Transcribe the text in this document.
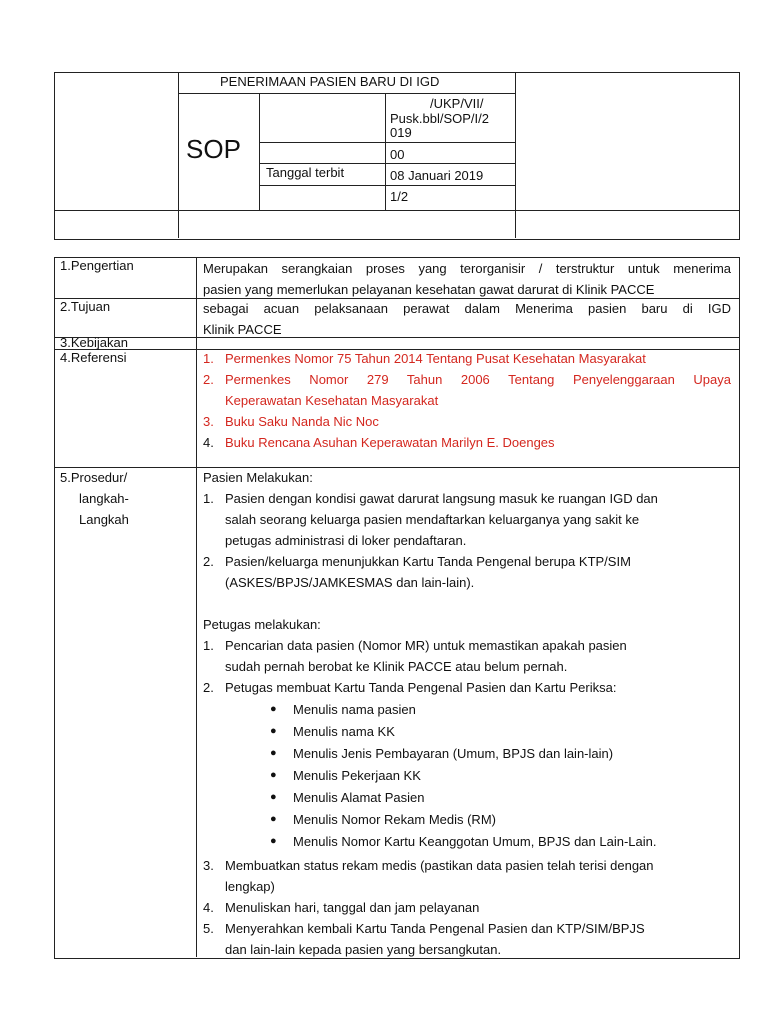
PENERIMAAN PASIEN BARU DI IGD
SOP
/UKP/VII/
Pusk.bbl/SOP/I/2
019
00
Tanggal terbit	08 Januari 2019
1/2
1.Pengertian
2.Tujuan
3.Kebijakan
4.Referensi
5.Prosedur/
langkah-
Langkah
Merupakan serangkaian proses yang terorganisir / terstruktur untuk menerima
pasien yang memerlukan pelayanan kesehatan gawat darurat di Klinik PACCE
sebagai acuan pelaksanaan perawat dalam Menerima pasien baru di IGD
Klinik PACCE
1. Permenkes Nomor 75 Tahun 2014 Tentang Pusat Kesehatan Masyarakat
2. Permenkes Nomor 279 Tahun 2006 Tentang Penyelenggaraan Upaya
Keperawatan Kesehatan Masyarakat
3. Buku Saku Nanda Nic Noc
4. Buku Rencana Asuhan Keperawatan Marilyn E. Doenges
Pasien Melakukan:
1. Pasien dengan kondisi gawat darurat langsung masuk ke ruangan IGD dan
salah seorang keluarga pasien mendaftarkan keluarganya yang sakit ke
petugas administrasi di loker pendaftaran.
2. Pasien/keluarga menunjukkan Kartu Tanda Pengenal berupa KTP/SIM
(ASKES/BPJS/JAMKESMAS dan lain-lain).
Petugas melakukan:
1. Pencarian data pasien (Nomor MR) untuk memastikan apakah pasien
sudah pernah berobat ke Klinik PACCE atau belum pernah.
2. Petugas membuat Kartu Tanda Pengenal Pasien dan Kartu Periksa:
● Menulis nama pasien
● Menulis nama KK
● Menulis Jenis Pembayaran (Umum, BPJS dan lain-lain)
● Menulis Pekerjaan KK
● Menulis Alamat Pasien
● Menulis Nomor Rekam Medis (RM)
● Menulis Nomor Kartu Keanggotan Umum, BPJS dan Lain-Lain.
3. Membuatkan status rekam medis (pastikan data pasien telah terisi dengan
lengkap)
4. Menuliskan hari, tanggal dan jam pelayanan
5. Menyerahkan kembali Kartu Tanda Pengenal Pasien dan KTP/SIM/BPJS
dan lain-lain kepada pasien yang bersangkutan.
